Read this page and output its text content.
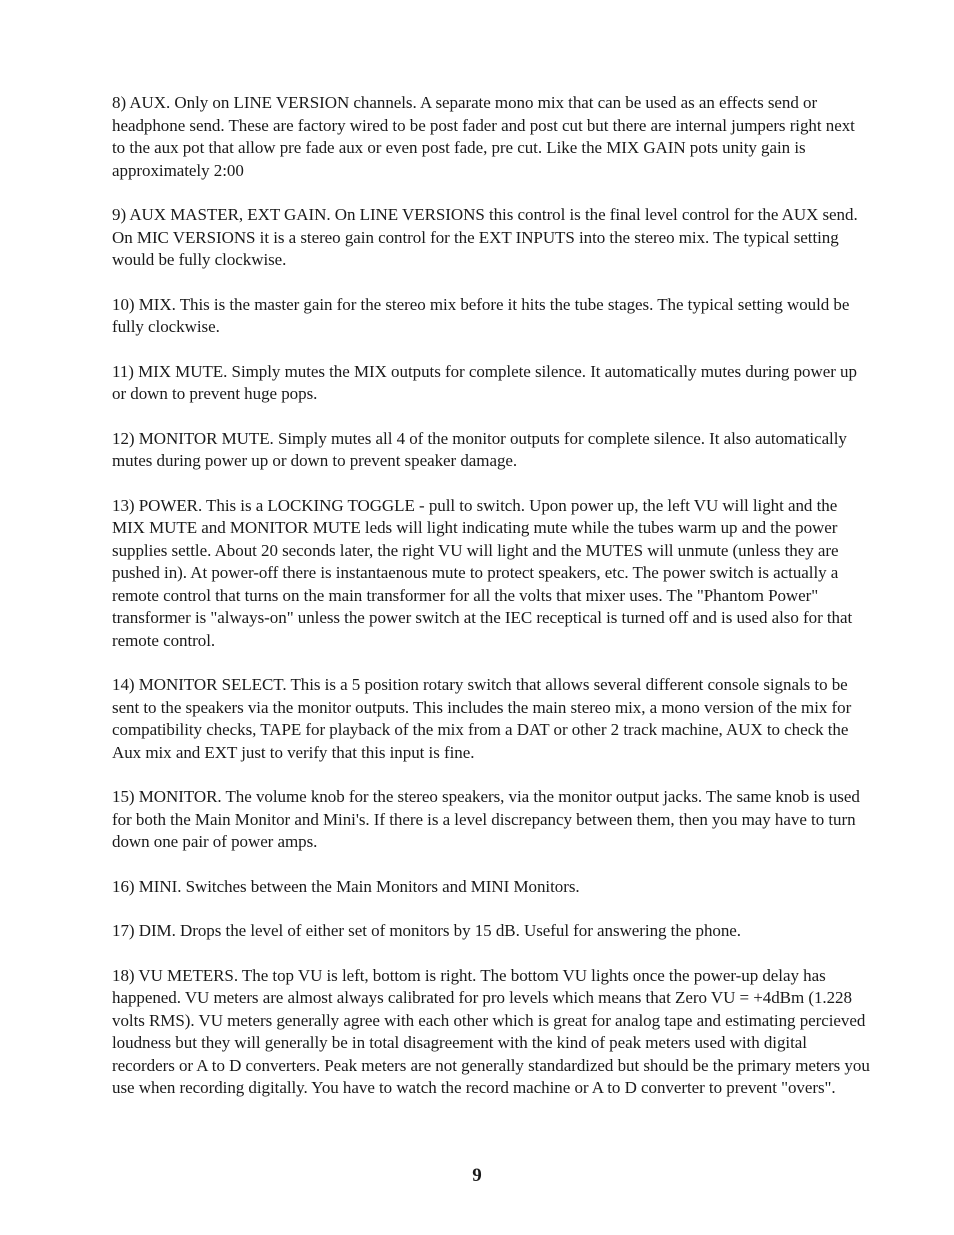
8) AUX. Only on LINE VERSION channels. A separate mono mix that can be used as an effects send or headphone send. These are factory wired to be post fader and post cut but there are internal jumpers right next to the aux pot that allow pre fade aux or even post fade, pre cut. Like the MIX GAIN pots unity gain is approximately 2:00

9) AUX MASTER, EXT GAIN. On LINE VERSIONS this control is the final level control for the AUX send. On MIC VERSIONS it is a stereo gain control for the EXT INPUTS into the stereo mix. The typical setting would be fully clockwise.

10) MIX. This is the master gain for the stereo mix before it hits the tube stages. The typical setting would be fully clockwise.

11) MIX MUTE. Simply mutes the MIX outputs for complete silence. It automatically mutes during power up or down to prevent huge pops.

12) MONITOR MUTE. Simply mutes all 4 of the monitor outputs for complete silence. It also automatically mutes during power up or down to prevent speaker damage.

13) POWER. This is a LOCKING TOGGLE - pull to switch. Upon power up, the left VU will light and the MIX MUTE and MONITOR MUTE leds will light indicating mute while the tubes warm up and the power supplies settle. About 20 seconds later, the right VU will light and the MUTES will unmute (unless they are pushed in). At power-off there is instantaenous mute to protect speakers, etc. The power switch is actually a remote control that turns on the main transformer for all the volts that mixer uses. The "Phantom Power" transformer is "always-on" unless the power switch at the IEC receptical is turned off and is used also for that remote control.

14) MONITOR SELECT. This is a 5 position rotary switch that allows several different console signals to be sent to the speakers via the monitor outputs. This includes the main stereo mix, a mono version of the mix for compatibility checks, TAPE for playback of the mix from a DAT or other 2 track machine, AUX to check the Aux mix and EXT just to verify that this input is fine.

15) MONITOR. The volume knob for the stereo speakers, via the monitor output jacks. The same knob is used for both the Main Monitor and Mini's. If there is a level discrepancy between them, then you may have to turn down one pair of power amps.

16) MINI. Switches between the Main Monitors and MINI Monitors.

17) DIM. Drops the level of either set of monitors by 15 dB. Useful for answering the phone.

18) VU METERS. The top VU is left, bottom is right. The bottom VU lights once the power-up delay has happened. VU meters are almost always calibrated for pro levels which means that Zero VU = +4dBm (1.228 volts RMS). VU meters generally agree with each other which is great for analog tape and estimating percieved loudness but they will generally be in total disagreement with the kind of peak meters used with digital recorders or A to D converters. Peak meters are not generally standardized but should be the primary meters you use when recording digitally. You have to watch the record machine or A to D converter to prevent "overs".

9
